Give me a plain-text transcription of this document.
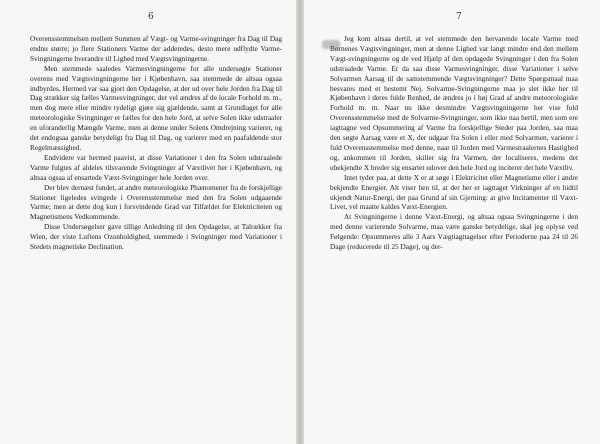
6

Overensstemmelsen mellem Summen af Vægt- og Varme-svingninger fra Dag til Dag endnu større; jo flere Stationers Varme der adderedes, desto mere udflydte Varme-Svingningerne hverandre til Lighed med Vægtsvingningerne.

Men stemmede saaledes Varmesvingningerne for alle undersøgte Stationer overens med Vægtsvingningerne her i Kjøbenhavn, saa stemmede de altsaa ogsaa indbyrdes. Hermed var saa gjort den Opdagelse, at der ud over hele Jorden fra Dag til Dag strækker sig fælles Varmesvingninger, der vel ændres af de locale Forhold m. m., men dog mere eller mindre tydeligt gjøre sig gjældende, samt at Grundlaget for alle meteorologiske Svingninger er fælles for den hele Jord, at selve Solen ikke udstraaler en uforanderlig Mængde Varme, men at denne under Solens Omdrejning varierer, og det endogsaa ganske betydeligt fra Dag til Dag, og varierer med en paafaldende stor Regelmæssighed.

Endvidere var hermed paavist, at disse Variationer i den fra Solen udstraalede Varme fulgtes af aldeles tilsvarende Svingninger af Væxtlivet her i Kjøbenhavn, og altsaa ogsaa af ensartede Væxt-Svingninger hele Jorden over.

Der blev dernæst fundet, at andre meteorologiske Phænomener fra de forskjellige Stationer ligeledes svingede i Overensstemmelse med den fra Solen udgaaende Varme; men at dette dog kun i forsvindende Grad var Tilfældet for Elektriciteten og Magnetismens Vedkommende.

Disse Undersøgelser gave tillige Anledning til den Opdagelse, at Talrækker fra Wien, der viste Luftens Ozonholdighed, stemmede i Svingninger med Variationer i Stedets magnetiske Declination.

7

Jeg kom altsaa dertil, at vel stemmede den hervarende locale Varme med Børnenes Vægtsvingninger, men at denne Lighed var langt mindre end den mellem Vægt-svingningerne og de ved Hjælp af den opdagede Svingninger i den fra Solen udstraalede Varme. Er da saa disse Varmesvingninger, disse Variationer i selve Solvarmen Aarsag til de samstemmende Vægtsvingninger? Dette Spørgsmaal maa besvares med et bestemt Nej. Solvarme-Svingningerne maa jo slet ikke her til Kjøbenhavn i deres fulde Renhed, de ændres jo i høj Grad af andre meteorologiske Forhold m. m. Naar nu ikke desmindre Vægtsvingningerne her vise fuld Overensstemmelse med de Solvarme-Svingninger, som ikke naa hertil, men som ere iagttagne ved Opsummering af Varme fra forskjellige Steder paa Jorden, saa maa den søgte Aarsag være et X, der udgaar fra Solen i eller med Solvarmen, varierer i fuld Overensstemmelse med denne, naar til Jorden med Varmestraalernes Hastighed og, ankommen til Jorden, skiller sig fra Varmen, der localiseres, medens det ubekjendte X breder sig ensartet udover den hele Jord og inciterer det hele Væxtliv.

Intet tyder paa, at dette X er at søge i Elektricitet eller Magnetisme eller i andre bekjendte Energier. Alt viser hen til, at der her er iagttaget Virkninger af en hidtil ukjendt Natur-Energi, der paa Grund af sin Gjerning: at give Incitamenter til Væxt-Livet, vel maatte kaldes Væxt-Energien.

At Svingningerne i denne Væxt-Energi, og altsaa ogsaa Svingningerne i den med denne varierende Solvarme, maa være ganske betydelige, skal jeg oplyse ved Følgende: Opsummeres alle 3 Aars Vægtiagttagelser efter Perioderne paa 24 til 26 Dage (reducerede til 25 Dage), og der-
